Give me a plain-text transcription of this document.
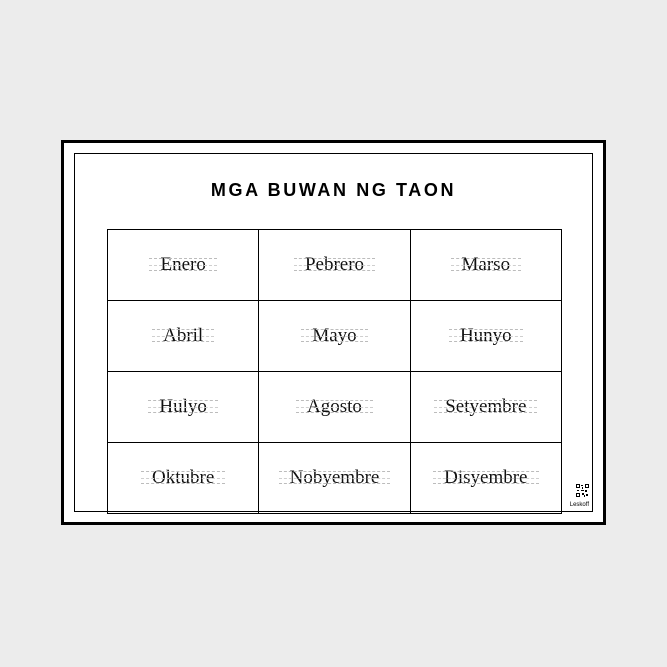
MGA BUWAN NG TAON
Enero	Pebrero	Marso
Abril	Mayo	Hunyo
Hulyo	Agosto	Setyembre
Oktubre	Nobyembre	Disyembre
Leskoff
